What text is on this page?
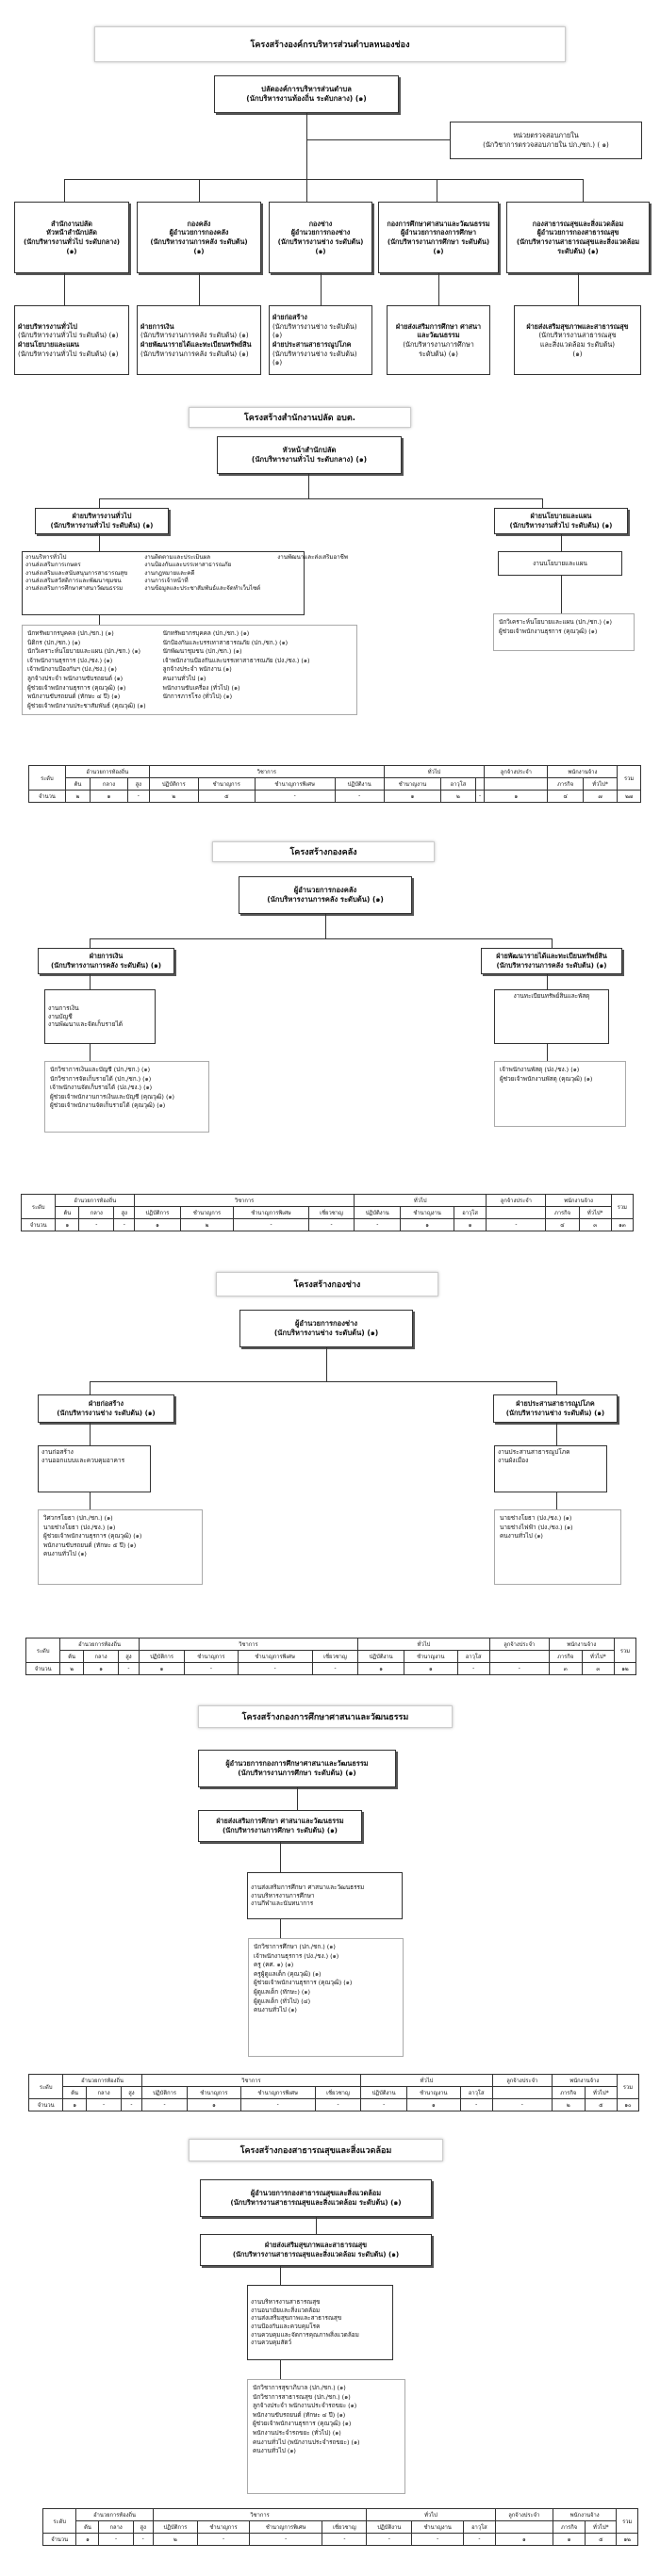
โครงสร้างองค์กรบริหารส่วนตำบลหนองช่อง
ปลัดองค์การบริหารส่วนตำบล
(นักบริหารงานท้องถิ่น ระดับกลาง) (๑)
หน่วยตรวจสอบภายใน
(นักวิชาการตรวจสอบภายใน ปก./ชก.) ( ๑)
สำนักงานปลัด
หัวหน้าสำนักปลัด
(นักบริหารงานทั่วไป ระดับกลาง)
(๑)
กองคลัง
ผู้อำนวยการกองคลัง
(นักบริหารงานการคลัง ระดับต้น)
(๑)
กองช่าง
ผู้อำนวยการกองช่าง
(นักบริหารงานช่าง ระดับต้น)
(๑)
กองการศึกษาศาสนาและวัฒนธรรม
ผู้อำนวยการกองการศึกษา
(นักบริหารงานการศึกษา ระดับต้น)
(๑)
กองสาธารณสุขและสิ่งแวดล้อม
ผู้อำนวยการกองสาธารณสุข
(นักบริหารงานสาธารณสุขและสิ่งแวดล้อม
ระดับต้น) (๑)
ฝ่ายบริหารงานทั่วไป
(นักบริหารงานทั่วไป ระดับต้น) (๑)
ฝ่ายนโยบายและแผน
(นักบริหารงานทั่วไป ระดับต้น) (๑)
ฝ่ายการเงิน
(นักบริหารงานการคลัง ระดับต้น) (๑)
ฝ่ายพัฒนารายได้และทะเบียนทรัพย์สิน
(นักบริหารงานการคลัง ระดับต้น) (๑)
ฝ่ายก่อสร้าง
(นักบริหารงานช่าง ระดับต้น) (๑)
ฝ่ายประสานสาธารณูปโภค
(นักบริหารงานช่าง ระดับต้น) (๑)
ฝ่ายส่งเสริมการศึกษา ศาสนา
และวัฒนธรรม
(นักบริหารงานการศึกษา
ระดับต้น) (๑)
ฝ่ายส่งเสริมสุขภาพและสาธารณสุข
(นักบริหารงานสาธารณสุข
และสิ่งแวดล้อม ระดับต้น)
(๑)
โครงสร้างสำนักงานปลัด อบต.
หัวหน้าสำนักปลัด
(นักบริหารงานทั่วไป ระดับกลาง) (๑)
ฝ่ายบริหารงานทั่วไป
(นักบริหารงานทั่วไป ระดับต้น) (๑)
ฝ่ายนโยบายและแผน
(นักบริหารงานทั่วไป ระดับต้น) (๑)
งานบริหารทั่วไป
งานส่งเสริมการเกษตร
งานส่งเสริมและสนับสนุนการสาธารณสุข
งานส่งเสริมสวัสดิการและพัฒนาชุมชน
งานส่งเสริมการศึกษาศาสนาวัฒนธรรม
งานติดตามและประเมินผล
งานป้องกันและบรรเทาสาธารณภัย
งานกฎหมายและคดี
งานการเจ้าหน้าที่
งานข้อมูลและประชาสัมพันธ์และจัดทำเว็บไซต์
งานพัฒนาและส่งเสริมอาชีพ
งานนโยบายและแผน
นักทรัพยากรบุคคล (ปก./ชก.) (๑)
นิติกร (ปก./ชก.) (๑)
นักวิเคราะห์นโยบายและแผน (ปก./ชก.) (๑)
เจ้าพนักงานธุรการ (ปง./ชง.) (๑)
เจ้าพนักงานป้องกันฯ (ปง./ชง.) (๑)
ลูกจ้างประจำ พนักงานขับรถยนต์ (๑)
ผู้ช่วยเจ้าพนักงานธุรการ (คุณวุฒิ) (๑)
พนักงานขับรถยนต์ (ทักษะ ๔ ปี) (๑)
ผู้ช่วยเจ้าพนักงานประชาสัมพันธ์ (คุณวุฒิ) (๑)
นักทรัพยากรบุคคล (ปก./ชก.) (๑)
นักป้องกันและบรรเทาสาธารณภัย (ปก./ชก.) (๑)
นักพัฒนาชุมชน (ปก./ชก.) (๑)
เจ้าพนักงานป้องกันและบรรเทาสาธารณภัย (ปง./ชง.) (๑)
ลูกจ้างประจำ พนักงาน (๑)
คนงานทั่วไป (๑)
พนักงานขับเครื่อง (ทั่วไป) (๑)
นักการภารโรง (ทั่วไป) (๑)
นักวิเคราะห์นโยบายและแผน (ปก./ชก.) (๑)
ผู้ช่วยเจ้าพนักงานธุรการ (คุณวุฒิ) (๑)
ระดับ	อำนวยการท้องถิ่น			วิชาการ				ทั่วไป			ลูกจ้างประจำ	พนักงานจ้าง		รวม
	ต้น	กลาง	สูง	ปฏิบัติการ	ชำนาญการ	ชำนาญการพิเศษ	ปฏิบัติงาน	ชำนาญงาน	อาวุโส			ภารกิจ	ทั่วไป*	
จำนวน	๒	๑	-	๒	๕	-	-	๑	๒	-	๑	๔	๗	๒๗
โครงสร้างกองคลัง
ผู้อำนวยการกองคลัง
(นักบริหารงานการคลัง ระดับต้น) (๑)
ฝ่ายการเงิน
(นักบริหารงานการคลัง ระดับต้น) (๑)
ฝ่ายพัฒนารายได้และทะเบียนทรัพย์สิน
(นักบริหารงานการคลัง ระดับต้น) (๑)
งานการเงิน
งานบัญชี
งานพัฒนาและจัดเก็บรายได้
งานทะเบียนทรัพย์สินและพัสดุ
นักวิชาการเงินและบัญชี (ปก./ชก.) (๑)
นักวิชาการจัดเก็บรายได้ (ปก./ชก.) (๑)
เจ้าพนักงานจัดเก็บรายได้ (ปง./ชง.) (๑)
ผู้ช่วยเจ้าพนักงานการเงินและบัญชี (คุณวุฒิ) (๑)
ผู้ช่วยเจ้าพนักงานจัดเก็บรายได้ (คุณวุฒิ) (๑)
เจ้าพนักงานพัสดุ (ปง./ชง.) (๑)
ผู้ช่วยเจ้าพนักงานพัสดุ (คุณวุฒิ) (๑)
ระดับ	อำนวยการท้องถิ่น			วิชาการ				ทั่วไป			ลูกจ้างประจำ	พนักงานจ้าง		รวม
	ต้น	กลาง	สูง	ปฏิบัติการ	ชำนาญการ	ชำนาญการพิเศษ	เชี่ยวชาญ	ปฏิบัติงาน	ชำนาญงาน	อาวุโส		ภารกิจ	ทั่วไป*	
จำนวน	๑	-	-	๑	๒	-	-	-	๑	๑	-	๔	๓	๑๓
โครงสร้างกองช่าง
ผู้อำนวยการกองช่าง
(นักบริหารงานช่าง ระดับต้น) (๑)
ฝ่ายก่อสร้าง
(นักบริหารงานช่าง ระดับต้น) (๑)
ฝ่ายประสานสาธารณูปโภค
(นักบริหารงานช่าง ระดับต้น) (๑)
งานก่อสร้าง
งานออกแบบและควบคุมอาคาร
งานประสานสาธารณูปโภค
งานผังเมือง
วิศวกรโยธา (ปก./ชก.) (๑)
นายช่างโยธา (ปง./ชง.) (๑)
ผู้ช่วยเจ้าพนักงานธุรการ (คุณวุฒิ) (๑)
พนักงานขับรถยนต์ (ทักษะ ๕ ปี) (๑)
คนงานทั่วไป (๑)
นายช่างโยธา (ปง./ชง.) (๑)
นายช่างไฟฟ้า (ปง./ชง.) (๑)
คนงานทั่วไป (๑)
ระดับ	อำนวยการท้องถิ่น			วิชาการ				ทั่วไป			ลูกจ้างประจำ	พนักงานจ้าง		รวม
	ต้น	กลาง	สูง	ปฏิบัติการ	ชำนาญการ	ชำนาญการพิเศษ	เชี่ยวชาญ	ปฏิบัติงาน	ชำนาญงาน	อาวุโส		ภารกิจ	ทั่วไป*	
จำนวน	๒	๑	-	๑	-	-	-	๑	๑	-	-	๓	๓	๑๒
โครงสร้างกองการศึกษาศาสนาและวัฒนธรรม
ผู้อำนวยการกองการศึกษาศาสนาและวัฒนธรรม
(นักบริหารงานการศึกษา ระดับต้น) (๑)
ฝ่ายส่งเสริมการศึกษา ศาสนาและวัฒนธรรม
(นักบริหารงานการศึกษา ระดับต้น) (๑)
งานส่งเสริมการศึกษา ศาสนาและวัฒนธรรม
งานบริหารงานการศึกษา
งานกีฬาและนันทนาการ
นักวิชาการศึกษา (ปก./ชก.) (๑)
เจ้าพนักงานธุรการ (ปง./ชง.) (๑)
ครู (คศ. ๑) (๑)
ครูผู้ดูแลเด็ก (คุณวุฒิ) (๑)
ผู้ช่วยเจ้าพนักงานธุรการ (คุณวุฒิ) (๑)
ผู้ดูแลเด็ก (ทักษะ) (๑)
ผู้ดูแลเด็ก (ทั่วไป) (๔)
คนงานทั่วไป (๑)
ระดับ	อำนวยการท้องถิ่น			วิชาการ				ทั่วไป			ลูกจ้างประจำ	พนักงานจ้าง		รวม
	ต้น	กลาง	สูง	ปฏิบัติการ	ชำนาญการ	ชำนาญการพิเศษ	เชี่ยวชาญ	ปฏิบัติงาน	ชำนาญงาน	อาวุโส		ภารกิจ	ทั่วไป*	
จำนวน	๑	-	-	-	๑	-	-	-	๑	-	-	๒	๕	๑๐
โครงสร้างกองสาธารณสุขและสิ่งแวดล้อม
ผู้อำนวยการกองสาธารณสุขและสิ่งแวดล้อม
(นักบริหารงานสาธารณสุขและสิ่งแวดล้อม ระดับต้น) (๑)
ฝ่ายส่งเสริมสุขภาพและสาธารณสุข
(นักบริหารงานสาธารณสุขและสิ่งแวดล้อม ระดับต้น) (๑)
งานบริหารงานสาธารณสุข
งานอนามัยและสิ่งแวดล้อม
งานส่งเสริมสุขภาพและสาธารณสุข
งานป้องกันและควบคุมโรค
งานควบคุมและจัดการคุณภาพสิ่งแวดล้อม
งานควบคุมสัตว์
นักวิชาการสุขาภิบาล (ปก./ชก.) (๑)
นักวิชาการสาธารณสุข (ปก./ชก.) (๑)
ลูกจ้างประจำ พนักงานประจำรถขยะ (๑)
พนักงานขับรถยนต์ (ทักษะ ๔ ปี) (๑)
ผู้ช่วยเจ้าพนักงานธุรการ (คุณวุฒิ) (๑)
พนักงานประจำรถขยะ (ทั่วไป) (๑)
คนงานทั่วไป (พนักงานประจำรถขยะ) (๑)
คนงานทั่วไป (๑)
ระดับ	อำนวยการท้องถิ่น			วิชาการ				ทั่วไป			ลูกจ้างประจำ	พนักงานจ้าง		รวม
	ต้น	กลาง	สูง	ปฏิบัติการ	ชำนาญการ	ชำนาญการพิเศษ	เชี่ยวชาญ	ปฏิบัติงาน	ชำนาญงาน	อาวุโส		ภารกิจ	ทั่วไป*	
จำนวน	๑	-	-	๒	-	-	-	-	-	-	๑	๑	๕	๑๒
